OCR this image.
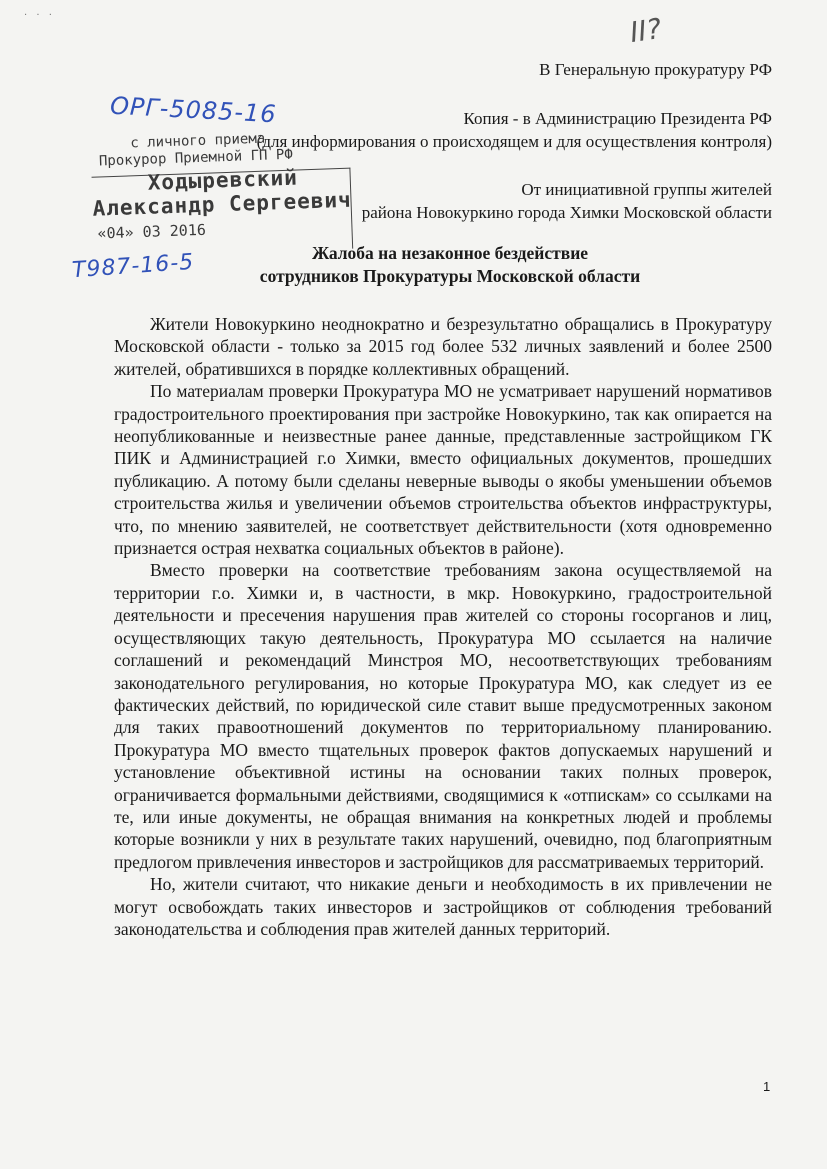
· · ·	II?
В Генеральную прокуратуру РФ
Копия - в Администрацию Президента РФ
(для информирования о происходящем и для осуществления контроля)
От инициативной группы жителей
района Новокуркино города Химки Московской области
с личного приема
Прокурор Приемной ГП РФ
Ходыревский
Александр Сергеевич
«04» 03 2016
ОРГ-5085-16
Т987-16-5	Жалоба на незаконное бездействие
сотрудников Прокуратуры Московской области

Жители Новокуркино неоднократно и безрезультатно обращались в Прокуратуру Московской области - только за 2015 год более 532 личных заявлений и более 2500 жителей, обратившихся в порядке коллективных обращений.

По материалам проверки Прокуратура МО не усматривает нарушений нормативов градостроительного проектирования при застройке Новокуркино, так как опирается на неопубликованные и неизвестные ранее данные, представленные застройщиком ГК ПИК и Администрацией г.о Химки, вместо официальных документов, прошедших публикацию. А потому были сделаны неверные выводы о якобы уменьшении объемов строительства жилья и увеличении объемов строительства объектов инфраструктуры, что, по мнению заявителей, не соответствует действительности (хотя одновременно признается острая нехватка социальных объектов в районе).

Вместо проверки на соответствие требованиям закона осуществляемой на территории г.о. Химки и, в частности, в мкр. Новокуркино, градостроительной деятельности и пресечения нарушения прав жителей со стороны госорганов и лиц, осуществляющих такую деятельность, Прокуратура МО ссылается на наличие соглашений и рекомендаций Минстроя МО, несоответствующих требованиям законодательного регулирования, но которые Прокуратура МО, как следует из ее фактических действий, по юридической силе ставит выше предусмотренных законом для таких правоотношений документов по территориальному планированию. Прокуратура МО вместо тщательных проверок фактов допускаемых нарушений и установление объективной истины на основании таких полных проверок, ограничивается формальными действиями, сводящимися к «отпискам» со ссылками на те, или иные документы, не обращая внимания на конкретных людей и проблемы которые возникли у них в результате таких нарушений, очевидно, под благоприятным предлогом привлечения инвесторов и застройщиков для рассматриваемых территорий.

Но, жители считают, что никакие деньги и необходимость в их привлечении не могут освобождать таких инвесторов и застройщиков от соблюдения требований законодательства и соблюдения прав жителей данных территорий.

1
